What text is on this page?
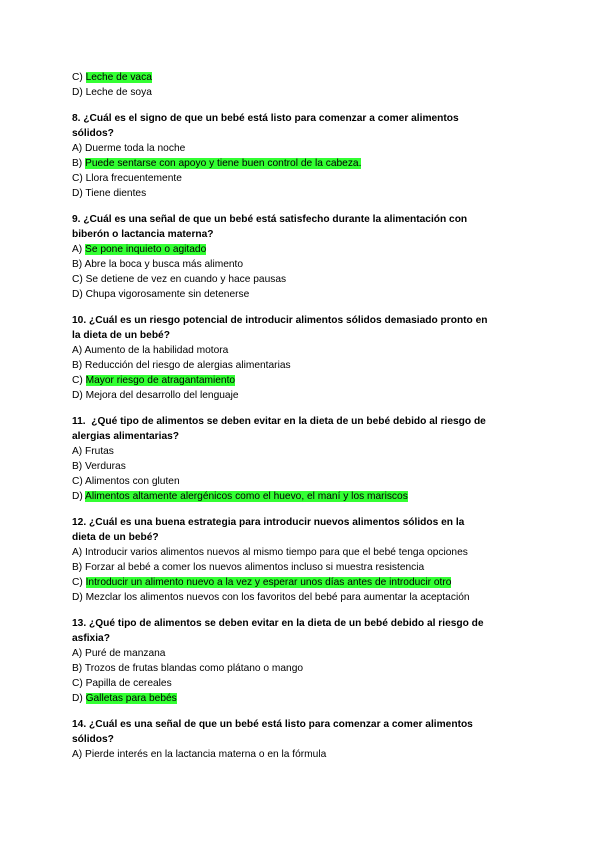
C) Leche de vaca
D) Leche de soya
8. ¿Cuál es el signo de que un bebé está listo para comenzar a comer alimentos
sólidos?
A) Duerme toda la noche
B) Puede sentarse con apoyo y tiene buen control de la cabeza.
C) Llora frecuentemente
D) Tiene dientes
9. ¿Cuál es una señal de que un bebé está satisfecho durante la alimentación con
biberón o lactancia materna?
A) Se pone inquieto o agitado
B) Abre la boca y busca más alimento
C) Se detiene de vez en cuando y hace pausas
D) Chupa vigorosamente sin detenerse
10. ¿Cuál es un riesgo potencial de introducir alimentos sólidos demasiado pronto en
la dieta de un bebé?
A) Aumento de la habilidad motora
B) Reducción del riesgo de alergias alimentarias
C) Mayor riesgo de atragantamiento
D) Mejora del desarrollo del lenguaje
11.  ¿Qué tipo de alimentos se deben evitar en la dieta de un bebé debido al riesgo de
alergias alimentarias?
A) Frutas
B) Verduras
C) Alimentos con gluten
D) Alimentos altamente alergénicos como el huevo, el maní y los mariscos
12. ¿Cuál es una buena estrategia para introducir nuevos alimentos sólidos en la
dieta de un bebé?
A) Introducir varios alimentos nuevos al mismo tiempo para que el bebé tenga opciones
B) Forzar al bebé a comer los nuevos alimentos incluso si muestra resistencia
C) Introducir un alimento nuevo a la vez y esperar unos días antes de introducir otro
D) Mezclar los alimentos nuevos con los favoritos del bebé para aumentar la aceptación
13. ¿Qué tipo de alimentos se deben evitar en la dieta de un bebé debido al riesgo de
asfixia?
A) Puré de manzana
B) Trozos de frutas blandas como plátano o mango
C) Papilla de cereales
D) Galletas para bebés
14. ¿Cuál es una señal de que un bebé está listo para comenzar a comer alimentos
sólidos?
A) Pierde interés en la lactancia materna o en la fórmula
